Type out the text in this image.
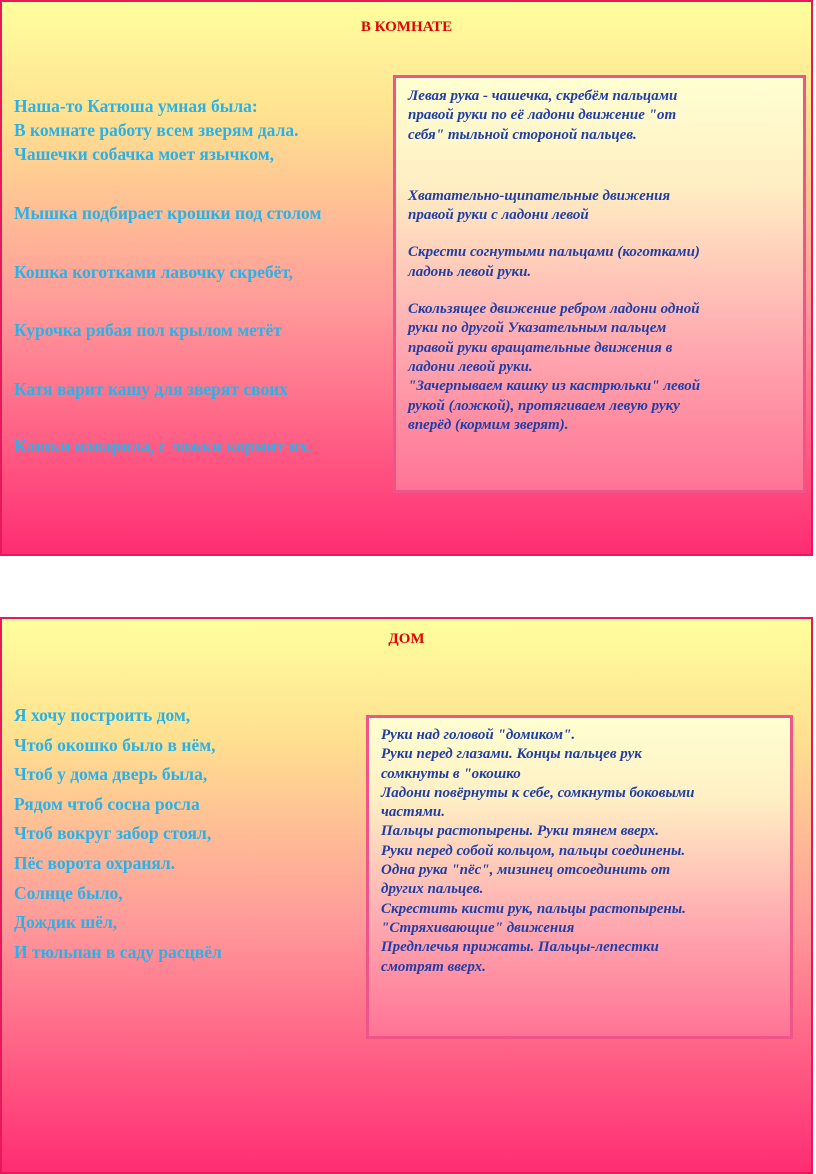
В КОМНАТЕ
Наша-то Катюша умная была:
В комнате работу всем зверям дала.
Чашечки собачка моет язычком,
Мышка подбирает крошки под столом
Кошка коготками лавочку скребёт,
Курочка рябая пол крылом метёт
Катя варит кашу для зверят своих
Кашки наварила, с ложки кормит их.
Левая рука - чашечка, скребём пальцами
правой руки по её ладони движение "от
себя" тыльной стороной пальцев.
Хватательно-щипательные движения
правой руки с ладони левой
Скрести согнутыми пальцами (коготками)
ладонь левой руки.
Скользящее движение ребром ладони одной
руки по другой Указательным пальцем
правой руки вращательные движения в
ладони левой руки.
"Зачерпываем кашку из кастрюльки" левой
рукой (ложкой), протягиваем левую руку
вперёд (кормим зверят).
ДОМ
Я хочу построить дом,
Чтоб окошко было в нём,
Чтоб у дома дверь была,
Рядом чтоб сосна росла
Чтоб вокруг забор стоял,
Пёс ворота охранял.
Солнце было,
Дождик шёл,
И тюльпан в саду расцвёл
Руки над головой "домиком".
Руки перед глазами. Концы пальцев рук
сомкнуты в "окошко
Ладони повёрнуты к себе, сомкнуты боковыми
частями.
Пальцы растопырены. Руки тянем вверх.
Руки перед собой кольцом, пальцы соединены.
Одна рука "пёс", мизинец отсоединить от
других пальцев.
Скрестить кисти рук, пальцы растопырены.
"Стряхивающие" движения
Предплечья прижаты. Пальцы-лепестки
смотрят вверх.
